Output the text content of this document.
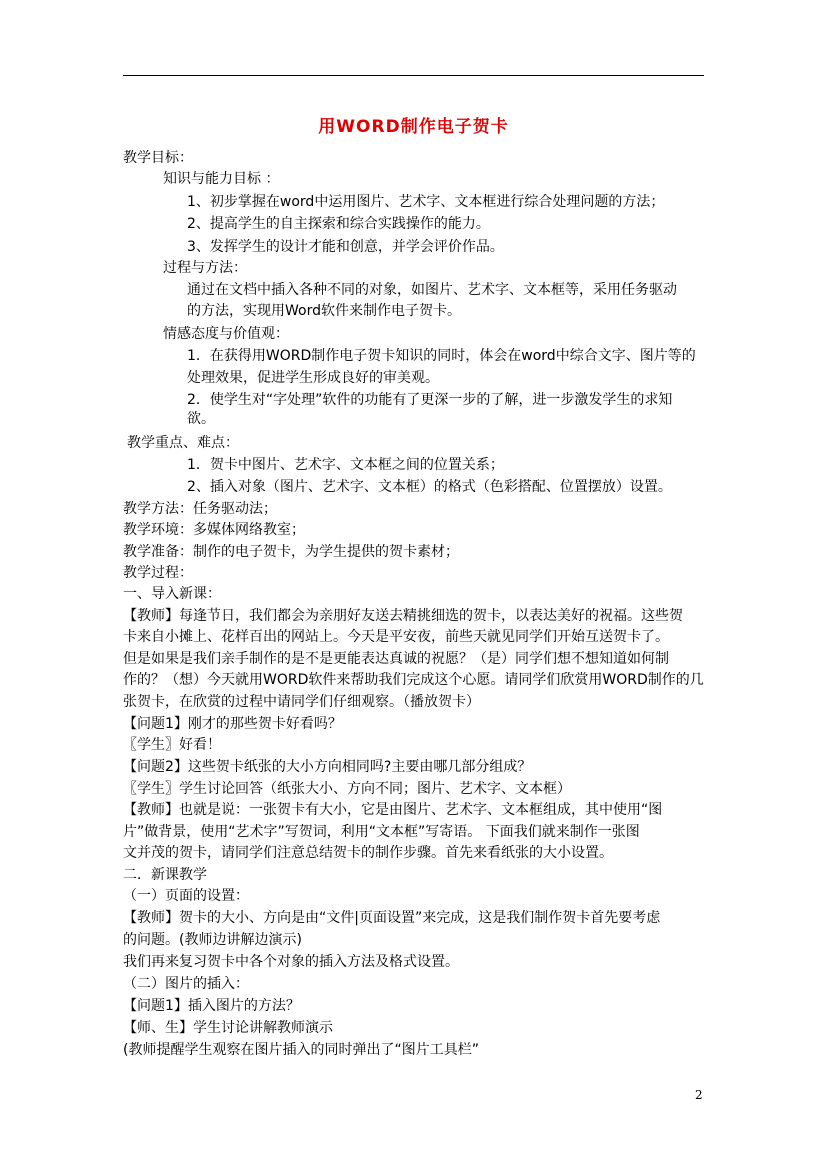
用WORD制作电子贺卡
教学目标：
知识与能力目标 ：
1、初步掌握在word中运用图片、艺术字、文本框进行综合处理问题的方法；
2、提高学生的自主探索和综合实践操作的能力。
3、发挥学生的设计才能和创意，并学会评价作品。
过程与方法：
通过在文档中插入各种不同的对象，如图片、艺术字、文本框等，采用任务驱动
的方法，实现用Word软件来制作电子贺卡。
情感态度与价值观：
1．在获得用WORD制作电子贺卡知识的同时，体会在word中综合文字、图片等的
处理效果，促进学生形成良好的审美观。
2．使学生对“字处理”软件的功能有了更深一步的了解，进一步激发学生的求知
欲。
教学重点、难点：
1．贺卡中图片、艺术字、文本框之间的位置关系；
2、插入对象（图片、艺术字、文本框）的格式（色彩搭配、位置摆放）设置。
教学方法：任务驱动法；
教学环境：多媒体网络教室；
教学准备：制作的电子贺卡，为学生提供的贺卡素材；
教学过程：
一、导入新课：
【教师】每逢节日，我们都会为亲朋好友送去精挑细选的贺卡，以表达美好的祝福。这些贺
卡来自小摊上、花样百出的网站上。今天是平安夜，前些天就见同学们开始互送贺卡了。
但是如果是我们亲手制作的是不是更能表达真诚的祝愿？（是）同学们想不想知道如何制
作的？（想）今天就用WORD软件来帮助我们完成这个心愿。请同学们欣赏用WORD制作的几
张贺卡，在欣赏的过程中请同学们仔细观察。（播放贺卡）
【问题1】刚才的那些贺卡好看吗？
〖学生〗好看！
【问题2】这些贺卡纸张的大小方向相同吗?主要由哪几部分组成？
〖学生〗学生讨论回答（纸张大小、方向不同；图片、艺术字、文本框）
【教师】也就是说：一张贺卡有大小，它是由图片、艺术字、文本框组成，其中使用“图
片”做背景，使用“艺术字”写贺词，利用“文本框”写寄语。 下面我们就来制作一张图
文并茂的贺卡，请同学们注意总结贺卡的制作步骤。首先来看纸张的大小设置。
二．新课教学
（一）页面的设置：
【教师】贺卡的大小、方向是由“文件|页面设置”来完成，这是我们制作贺卡首先要考虑
的问题。(教师边讲解边演示)
我们再来复习贺卡中各个对象的插入方法及格式设置。
（二）图片的插入：
【问题1】插入图片的方法？
【师、生】学生讨论讲解教师演示
(教师提醒学生观察在图片插入的同时弹出了“图片工具栏”
2
